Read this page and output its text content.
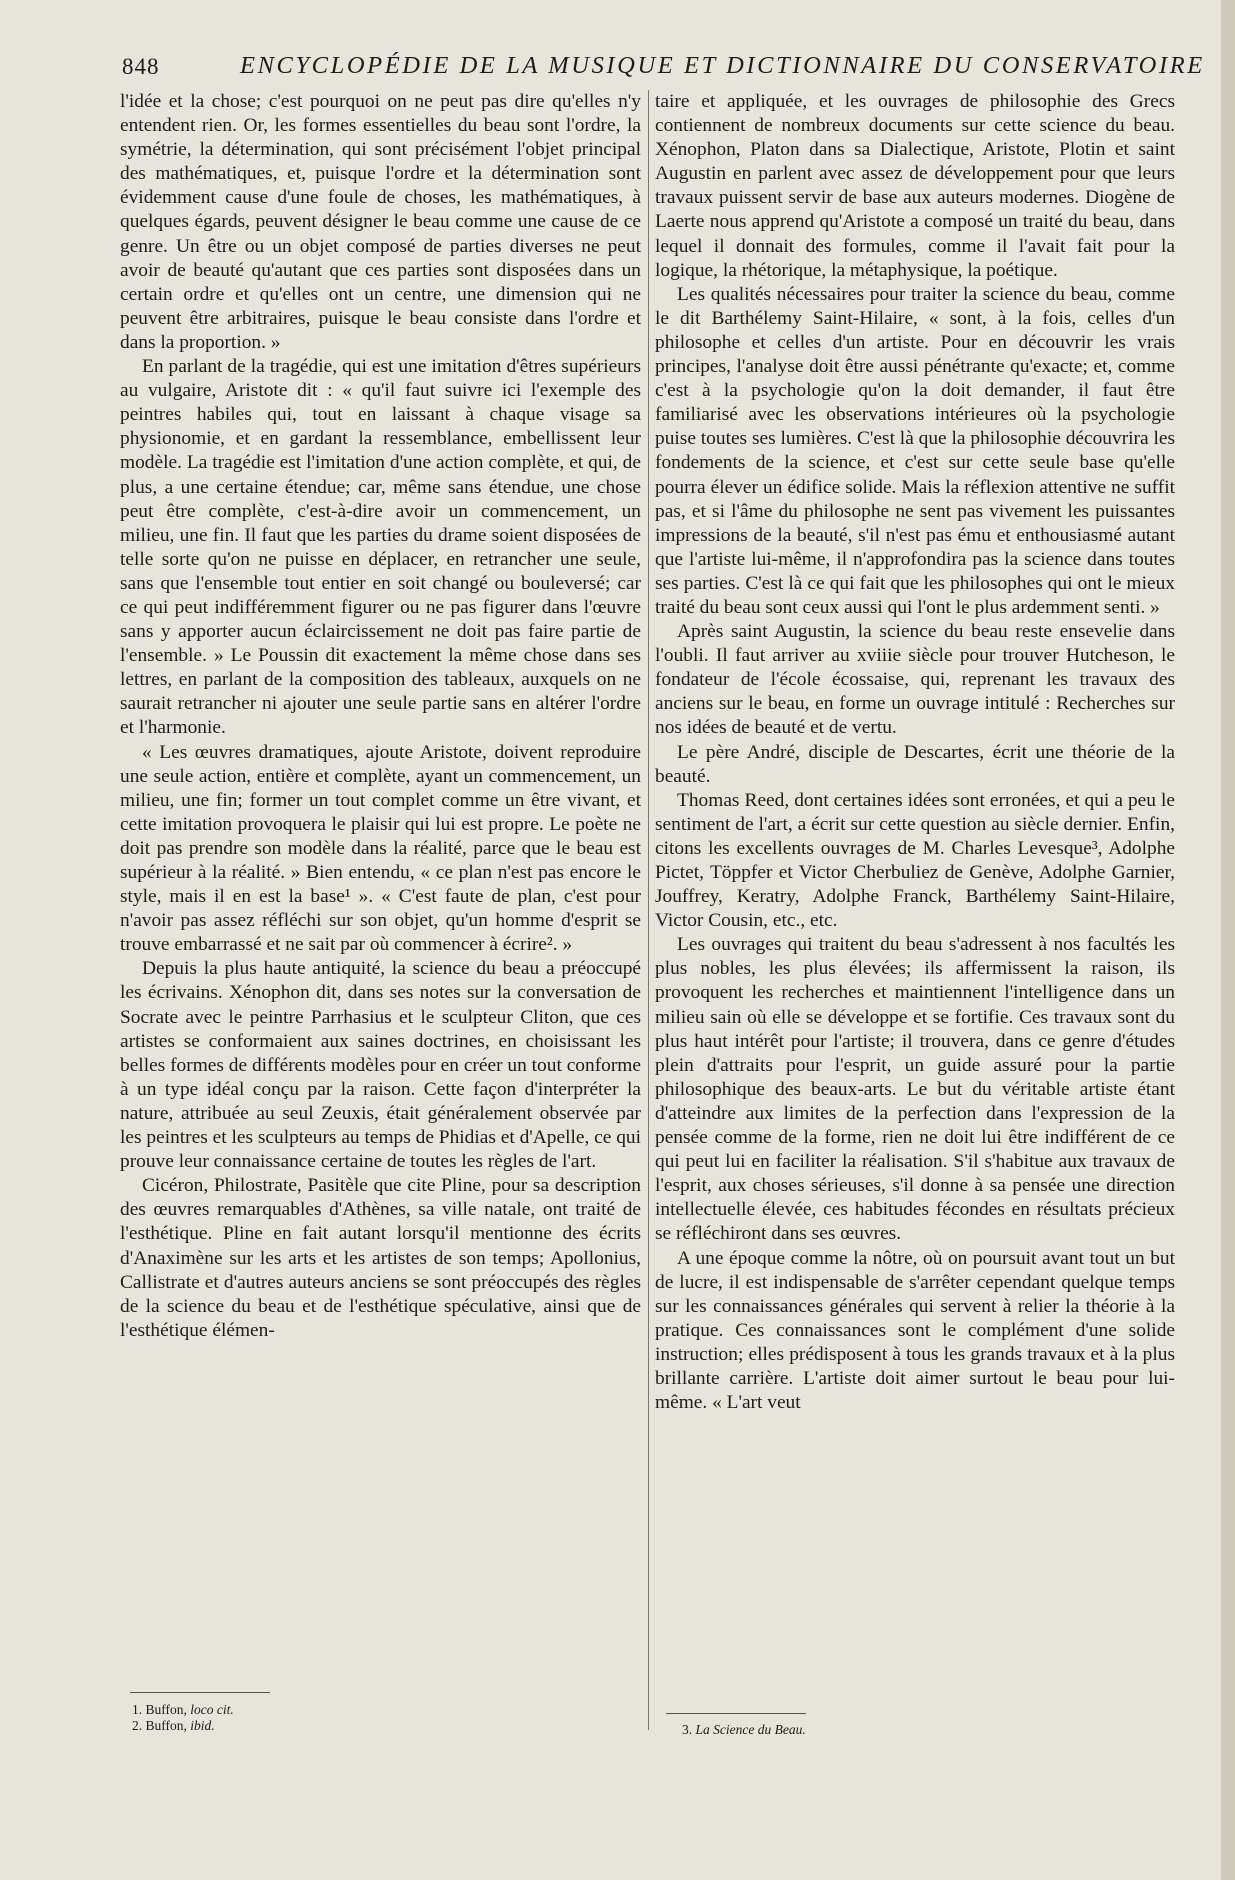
848	ENCYCLOPÉDIE DE LA MUSIQUE ET DICTIONNAIRE DU CONSERVATOIRE

l'idée et la chose; c'est pourquoi on ne peut pas dire qu'elles n'y entendent rien. Or, les formes essentielles du beau sont l'ordre, la symétrie, la détermination, qui sont précisément l'objet principal des mathématiques, et, puisque l'ordre et la détermination sont évidemment cause d'une foule de choses, les mathématiques, à quelques égards, peuvent désigner le beau comme une cause de ce genre. Un être ou un objet composé de parties diverses ne peut avoir de beauté qu'autant que ces parties sont disposées dans un certain ordre et qu'elles ont un centre, une dimension qui ne peuvent être arbitraires, puisque le beau consiste dans l'ordre et dans la proportion. »

En parlant de la tragédie, qui est une imitation d'êtres supérieurs au vulgaire, Aristote dit : « qu'il faut suivre ici l'exemple des peintres habiles qui, tout en laissant à chaque visage sa physionomie, et en gardant la ressemblance, embellissent leur modèle. La tragédie est l'imitation d'une action complète, et qui, de plus, a une certaine étendue; car, même sans étendue, une chose peut être complète, c'est-à-dire avoir un commencement, un milieu, une fin. Il faut que les parties du drame soient disposées de telle sorte qu'on ne puisse en déplacer, en retrancher une seule, sans que l'ensemble tout entier en soit changé ou bouleversé; car ce qui peut indifféremment figurer ou ne pas figurer dans l'œuvre sans y apporter aucun éclaircissement ne doit pas faire partie de l'ensemble. » Le Poussin dit exactement la même chose dans ses lettres, en parlant de la composition des tableaux, auxquels on ne saurait retrancher ni ajouter une seule partie sans en altérer l'ordre et l'harmonie.

« Les œuvres dramatiques, ajoute Aristote, doivent reproduire une seule action, entière et complète, ayant un commencement, un milieu, une fin; former un tout complet comme un être vivant, et cette imitation provoquera le plaisir qui lui est propre. Le poète ne doit pas prendre son modèle dans la réalité, parce que le beau est supérieur à la réalité. » Bien entendu, « ce plan n'est pas encore le style, mais il en est la base¹ ». « C'est faute de plan, c'est pour n'avoir pas assez réfléchi sur son objet, qu'un homme d'esprit se trouve embarrassé et ne sait par où commencer à écrire². »

Depuis la plus haute antiquité, la science du beau a préoccupé les écrivains. Xénophon dit, dans ses notes sur la conversation de Socrate avec le peintre Parrhasius et le sculpteur Cliton, que ces artistes se conformaient aux saines doctrines, en choisissant les belles formes de différents modèles pour en créer un tout conforme à un type idéal conçu par la raison. Cette façon d'interpréter la nature, attribuée au seul Zeuxis, était généralement observée par les peintres et les sculpteurs au temps de Phidias et d'Apelle, ce qui prouve leur connaissance certaine de toutes les règles de l'art.

Cicéron, Philostrate, Pasitèle que cite Pline, pour sa description des œuvres remarquables d'Athènes, sa ville natale, ont traité de l'esthétique. Pline en fait autant lorsqu'il mentionne des écrits d'Anaximène sur les arts et les artistes de son temps; Apollonius, Callistrate et d'autres auteurs anciens se sont préoccupés des règles de la science du beau et de l'esthétique spéculative, ainsi que de l'esthétique élémen-

taire et appliquée, et les ouvrages de philosophie des Grecs contiennent de nombreux documents sur cette science du beau. Xénophon, Platon dans sa Dialectique, Aristote, Plotin et saint Augustin en parlent avec assez de développement pour que leurs travaux puissent servir de base aux auteurs modernes. Diogène de Laerte nous apprend qu'Aristote a composé un traité du beau, dans lequel il donnait des formules, comme il l'avait fait pour la logique, la rhétorique, la métaphysique, la poétique.

Les qualités nécessaires pour traiter la science du beau, comme le dit Barthélemy Saint-Hilaire, « sont, à la fois, celles d'un philosophe et celles d'un artiste. Pour en découvrir les vrais principes, l'analyse doit être aussi pénétrante qu'exacte; et, comme c'est à la psychologie qu'on la doit demander, il faut être familiarisé avec les observations intérieures où la psychologie puise toutes ses lumières. C'est là que la philosophie découvrira les fondements de la science, et c'est sur cette seule base qu'elle pourra élever un édifice solide. Mais la réflexion attentive ne suffit pas, et si l'âme du philosophe ne sent pas vivement les puissantes impressions de la beauté, s'il n'est pas ému et enthousiasmé autant que l'artiste lui-même, il n'approfondira pas la science dans toutes ses parties. C'est là ce qui fait que les philosophes qui ont le mieux traité du beau sont ceux aussi qui l'ont le plus ardemment senti. »

Après saint Augustin, la science du beau reste ensevelie dans l'oubli. Il faut arriver au xviiie siècle pour trouver Hutcheson, le fondateur de l'école écossaise, qui, reprenant les travaux des anciens sur le beau, en forme un ouvrage intitulé : Recherches sur nos idées de beauté et de vertu.

Le père André, disciple de Descartes, écrit une théorie de la beauté.

Thomas Reed, dont certaines idées sont erronées, et qui a peu le sentiment de l'art, a écrit sur cette question au siècle dernier. Enfin, citons les excellents ouvrages de M. Charles Levesque³, Adolphe Pictet, Töppfer et Victor Cherbuliez de Genève, Adolphe Garnier, Jouffrey, Keratry, Adolphe Franck, Barthélemy Saint-Hilaire, Victor Cousin, etc., etc.

Les ouvrages qui traitent du beau s'adressent à nos facultés les plus nobles, les plus élevées; ils affermissent la raison, ils provoquent les recherches et maintiennent l'intelligence dans un milieu sain où elle se développe et se fortifie. Ces travaux sont du plus haut intérêt pour l'artiste; il trouvera, dans ce genre d'études plein d'attraits pour l'esprit, un guide assuré pour la partie philosophique des beaux-arts. Le but du véritable artiste étant d'atteindre aux limites de la perfection dans l'expression de la pensée comme de la forme, rien ne doit lui être indifférent de ce qui peut lui en faciliter la réalisation. S'il s'habitue aux travaux de l'esprit, aux choses sérieuses, s'il donne à sa pensée une direction intellectuelle élevée, ces habitudes fécondes en résultats précieux se réfléchiront dans ses œuvres.

A une époque comme la nôtre, où on poursuit avant tout un but de lucre, il est indispensable de s'arrêter cependant quelque temps sur les connaissances générales qui servent à relier la théorie à la pratique. Ces connaissances sont le complément d'une solide instruction; elles prédisposent à tous les grands travaux et à la plus brillante carrière. L'artiste doit aimer surtout le beau pour lui-même. « L'art veut

1. Buffon, loco cit.
2. Buffon, ibid.	3. La Science du Beau.
